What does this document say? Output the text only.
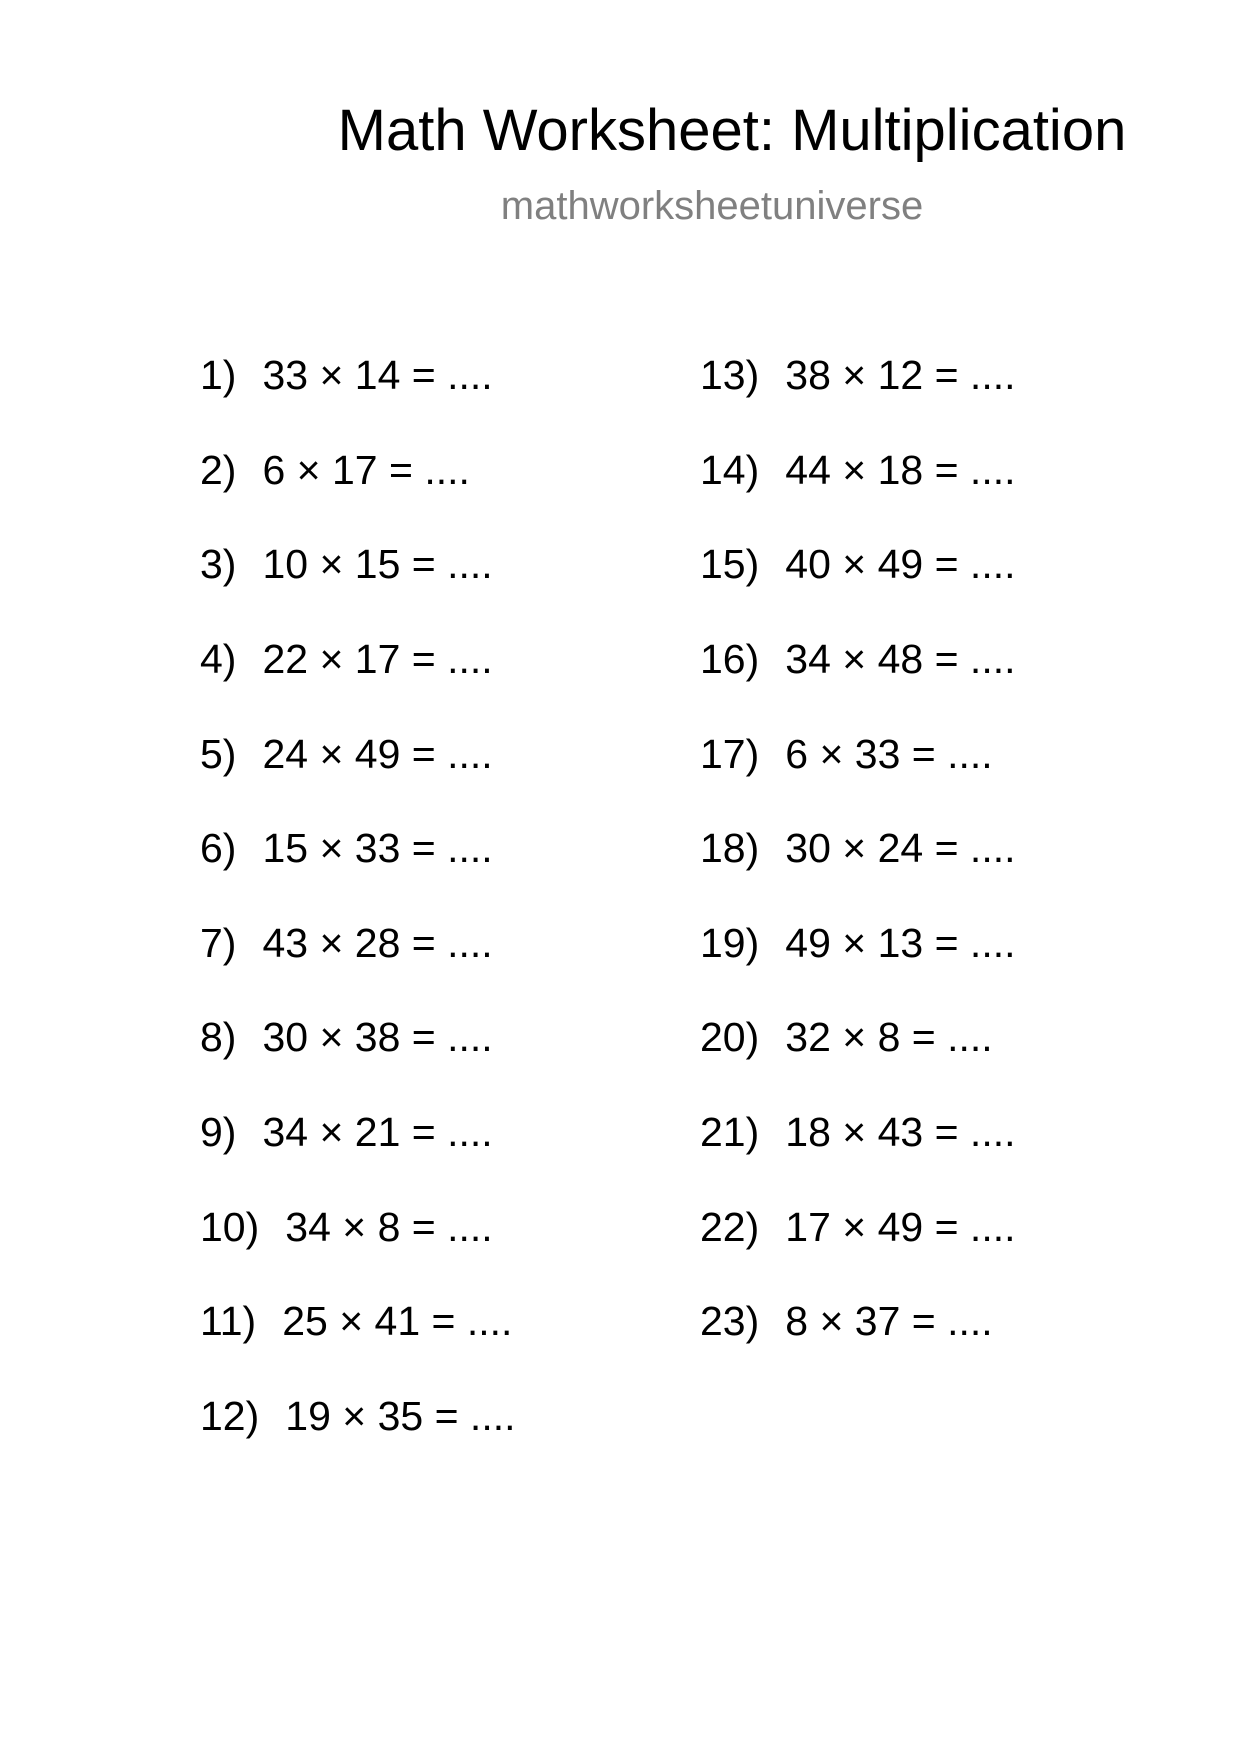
Math Worksheet: Multiplication
mathworksheetuniverse
1) 33 × 14 = ....
2) 6 × 17 = ....
3) 10 × 15 = ....
4) 22 × 17 = ....
5) 24 × 49 = ....
6) 15 × 33 = ....
7) 43 × 28 = ....
8) 30 × 38 = ....
9) 34 × 21 = ....
10) 34 × 8 = ....
11) 25 × 41 = ....
12) 19 × 35 = ....
13) 38 × 12 = ....
14) 44 × 18 = ....
15) 40 × 49 = ....
16) 34 × 48 = ....
17) 6 × 33 = ....
18) 30 × 24 = ....
19) 49 × 13 = ....
20) 32 × 8 = ....
21) 18 × 43 = ....
22) 17 × 49 = ....
23) 8 × 37 = ....
